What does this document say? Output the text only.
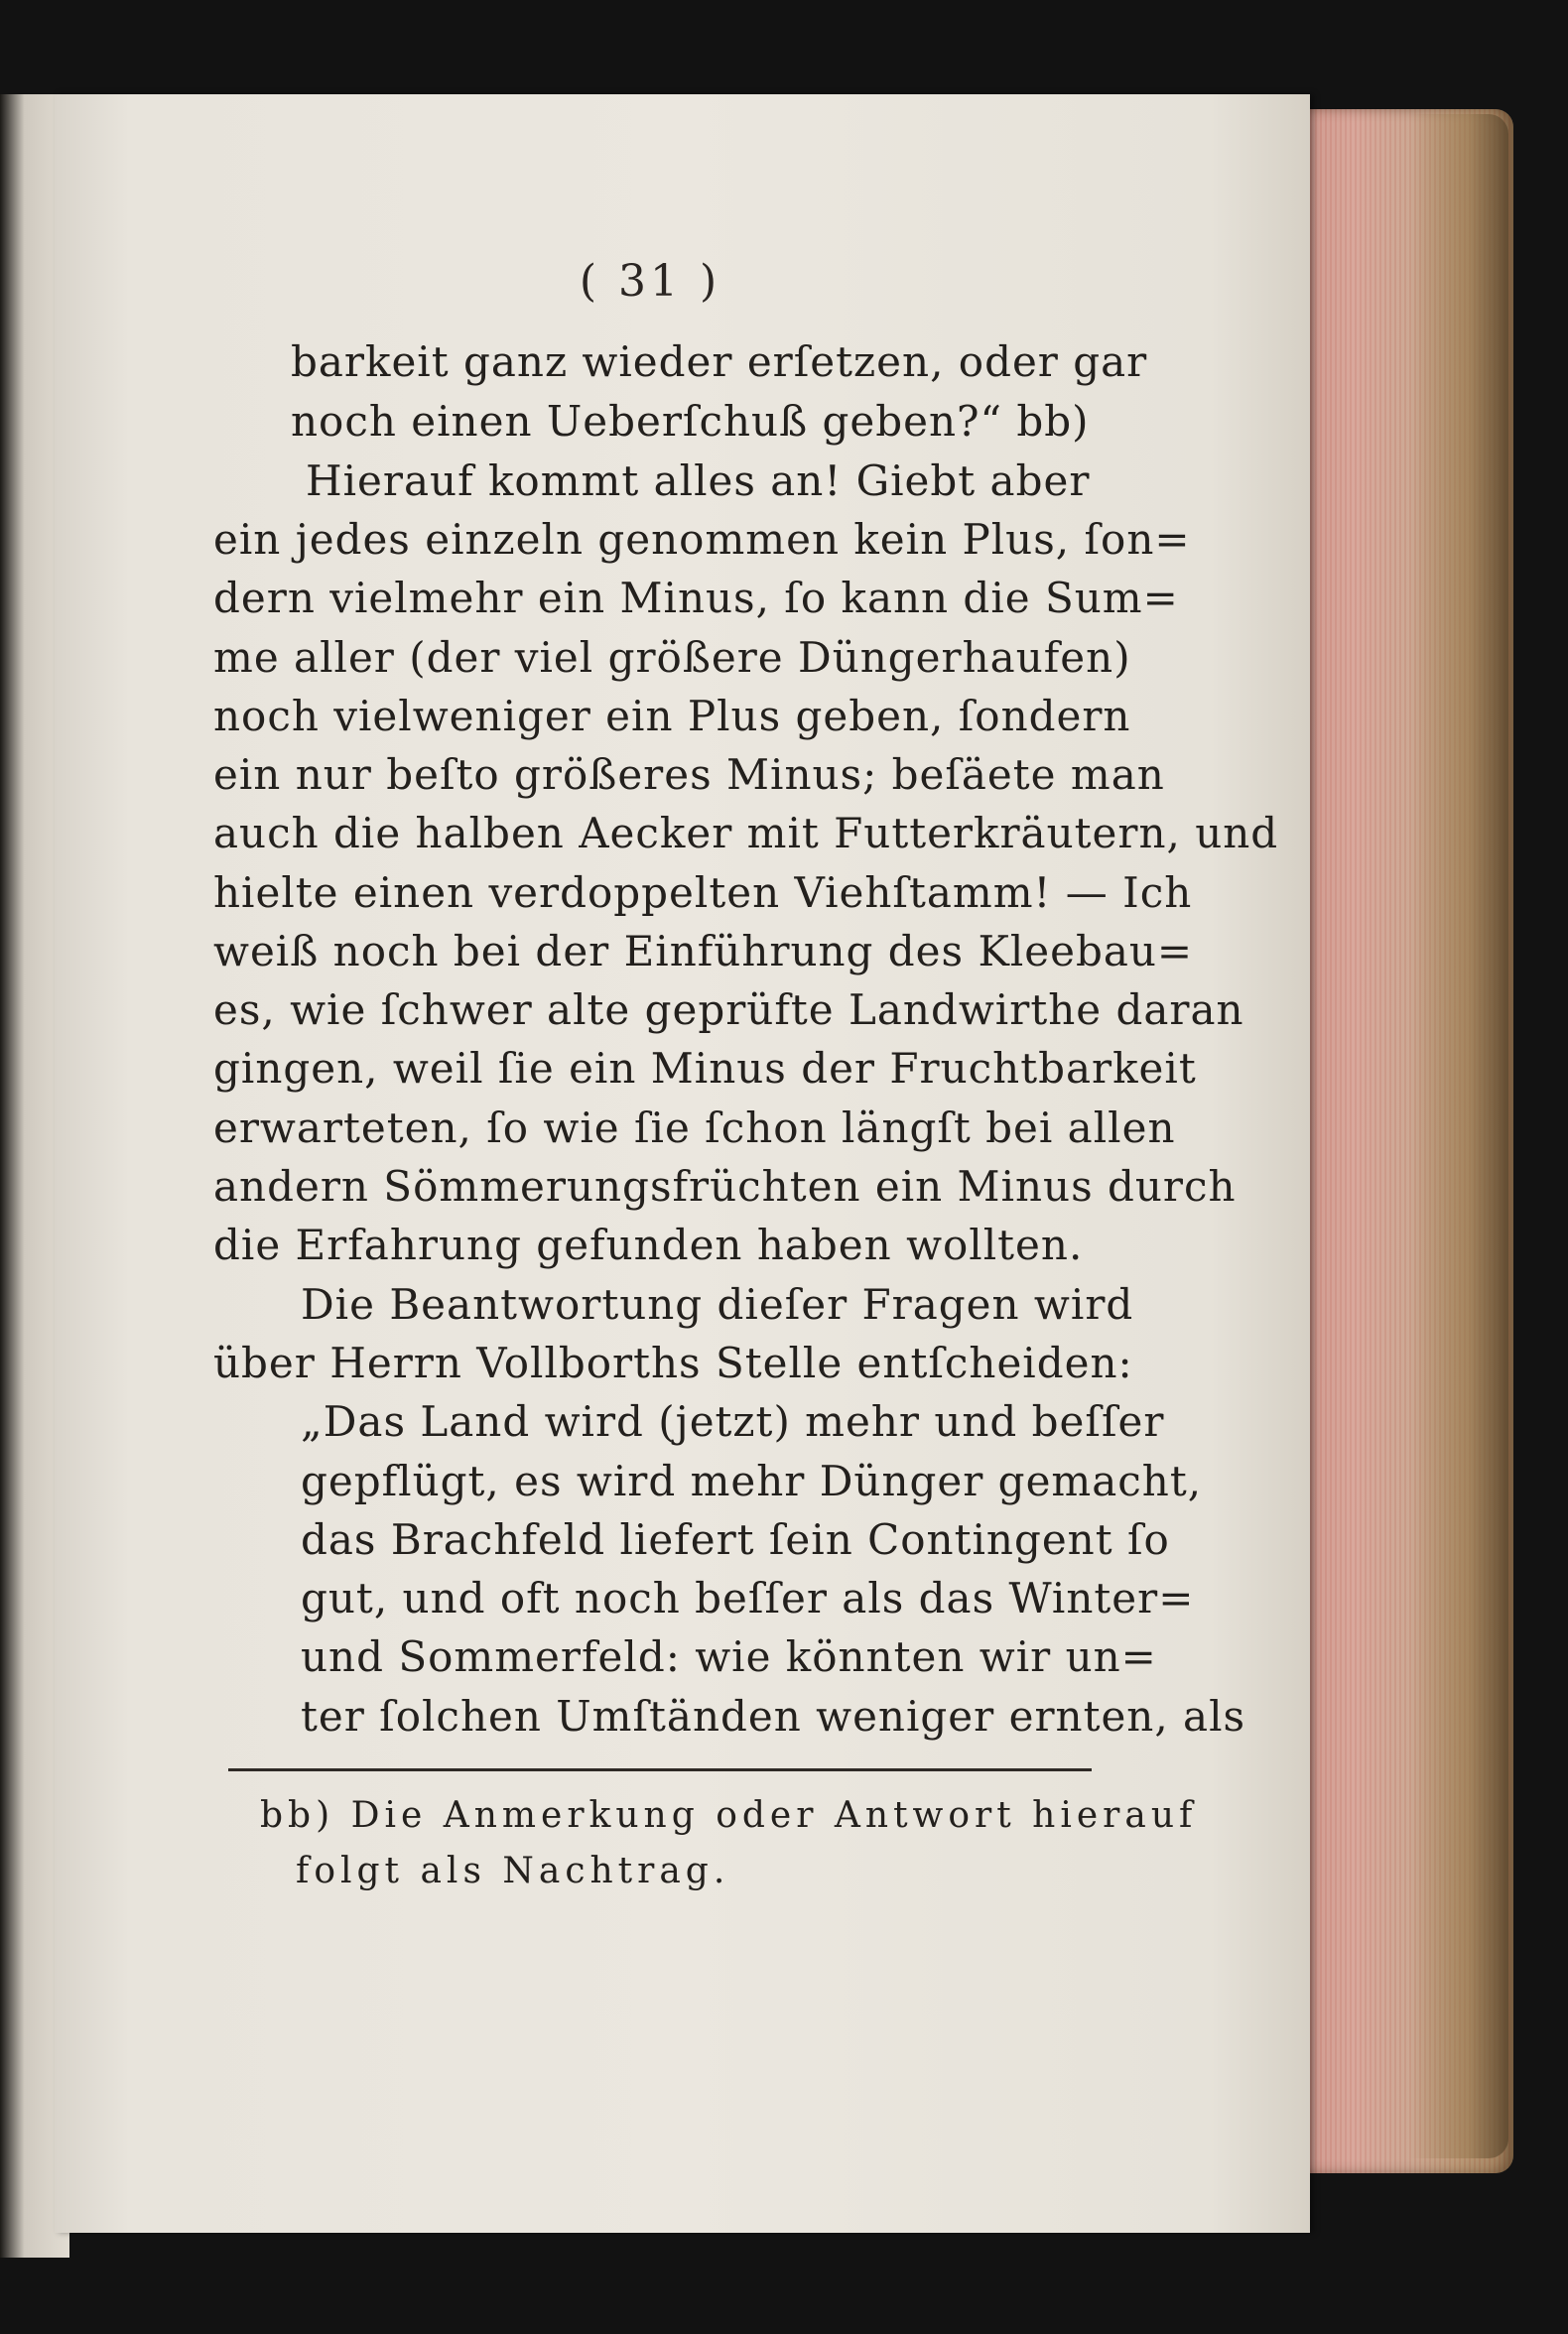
( 31 )
barkeit ganz wieder erſetzen, oder gar
noch einen Ueberſchuß geben?“ bb)
Hierauf kommt alles an! Giebt aber
ein jedes einzeln genommen kein Plus, ſon=
dern vielmehr ein Minus, ſo kann die Sum=
me aller (der viel größere Düngerhaufen)
noch vielweniger ein Plus geben, ſondern
ein nur beſto größeres Minus; beſäete man
auch die halben Aecker mit Futterkräutern, und
hielte einen verdoppelten Viehſtamm! — Ich
weiß noch bei der Einführung des Kleebau=
es, wie ſchwer alte geprüfte Landwirthe daran
gingen, weil ſie ein Minus der Fruchtbarkeit
erwarteten, ſo wie ſie ſchon längſt bei allen
andern Sömmerungsfrüchten ein Minus durch
die Erfahrung gefunden haben wollten.
Die Beantwortung dieſer Fragen wird
über Herrn Vollborths Stelle entſcheiden:
„Das Land wird (jetzt) mehr und beſſer
gepflügt, es wird mehr Dünger gemacht,
das Brachfeld liefert ſein Contingent ſo
gut, und oft noch beſſer als das Winter=
und Sommerfeld: wie könnten wir un=
ter ſolchen Umſtänden weniger ernten, als
bb) Die Anmerkung oder Antwort hierauf
folgt als Nachtrag.
